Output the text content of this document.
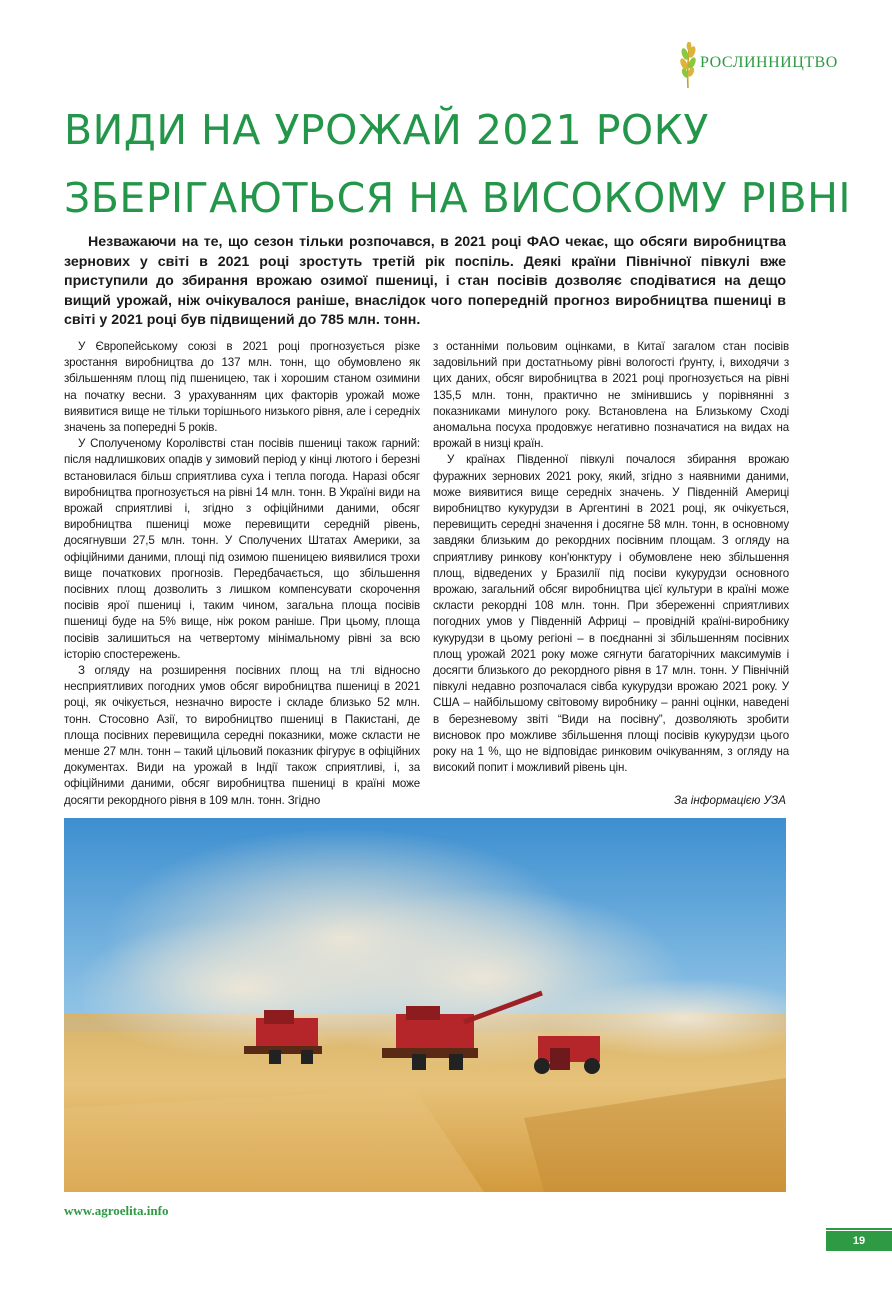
РОСЛИННИЦТВО
ВИДИ НА УРОЖАЙ 2021 РОКУ
ЗБЕРІГАЮТЬСЯ НА ВИСОКОМУ РІВНІ

Незважаючи на те, що сезон тільки розпочався, в 2021 році ФАО чекає, що обсяги виробництва зернових у світі в 2021 році зростуть третій рік поспіль. Деякі країни Північної півкулі вже приступили до збирання врожаю озимої пшениці, і стан посівів дозволяє сподіватися на дещо вищий урожай, ніж очікувалося раніше, внаслідок чого попередній прогноз виробництва пшениці в світі у 2021 році був підвищений до 785 млн. тонн.

У Європейському союзі в 2021 році прогнозується різке зростання виробництва до 137 млн. тонн, що обумовлено як збільшенням площ під пшеницею, так і хорошим станом озимини на початку весни. З урахуванням цих факторів урожай може виявитися вище не тільки торішнього низького рівня, але і середніх значень за попередні 5 років.

У Сполученому Королівстві стан посівів пшениці також гарний: після надлишкових опадів у зимовий період у кінці лютого і березні встановилася більш сприятлива суха і тепла погода. Наразі обсяг виробництва прогнозується на рівні 14 млн. тонн. В Україні види на врожай сприятливі і, згідно з офіційними даними, обсяг виробництва пшениці може перевищити середній рівень, досягнувши 27,5 млн. тонн. У Сполучених Штатах Америки, за офіційними даними, площі під озимою пшеницею виявилися трохи вище початкових прогнозів. Передбачається, що збільшення посівних площ дозволить з лишком компенсувати скорочення посівів ярої пшениці і, таким чином, загальна площа посівів пшениці буде на 5% вище, ніж роком раніше. При цьому, площа посівів залишиться на четвертому мінімальному рівні за всю історію спостережень.

З огляду на розширення посівних площ на тлі відносно несприятливих погодних умов обсяг виробництва пшениці в 2021 році, як очікується, незначно виросте і складе близько 52 млн. тонн. Стосовно Азії, то виробництво пшениці в Пакистані, де площа посівних перевищила середні показники, може скласти не менше 27 млн. тонн – такий цільовий показник фігурує в офіційних документах. Види на урожай в Індії також сприятливі, і, за офіційними даними, обсяг виробництва пшениці в країні може досягти рекордного рівня в 109 млн. тонн. Згідно

з останніми польовим оцінками, в Китаї загалом стан посівів задовільний при достатньому рівні вологості ґрунту, і, виходячи з цих даних, обсяг виробництва в 2021 році прогнозується на рівні 135,5 млн. тонн, практично не змінившись у порівнянні з показниками минулого року. Встановлена на Близькому Сході аномальна посуха продовжує негативно позначатися на видах на врожай в низці країн.

У країнах Південної півкулі почалося збирання врожаю фуражних зернових 2021 року, який, згідно з наявними даними, може виявитися вище середніх значень. У Південній Америці виробництво кукурудзи в Аргентині в 2021 році, як очікується, перевищить середні значення і досягне 58 млн. тонн, в основному завдяки близьким до рекордних посівним площам. З огляду на сприятливу ринкову кон'юнктуру і обумовлене нею збільшення площ, відведених у Бразилії під посіви кукурудзи основного врожаю, загальний обсяг виробництва цієї культури в країні може скласти рекордні 108 млн. тонн. При збереженні сприятливих погодних умов у Південній Африці – провідній країні-виробнику кукурудзи в цьому регіоні – в поєднанні зі збільшенням посівних площ урожай 2021 року може сягнути багаторічних максимумів і досягти близького до рекордного рівня в 17 млн. тонн. У Північній півкулі недавно розпочалася сівба кукурудзи врожаю 2021 року. У США – найбільшому світовому виробнику – ранні оцінки, наведені в березневому звіті “Види на посівну”, дозволяють зробити висновок про можливе збільшення площі посівів кукурудзи цього року на 1 %, що не відповідає ринковим очікуванням, з огляду на високий попит і можливий рівень цін.

За інформацією УЗА
www.agroelita.info
19
